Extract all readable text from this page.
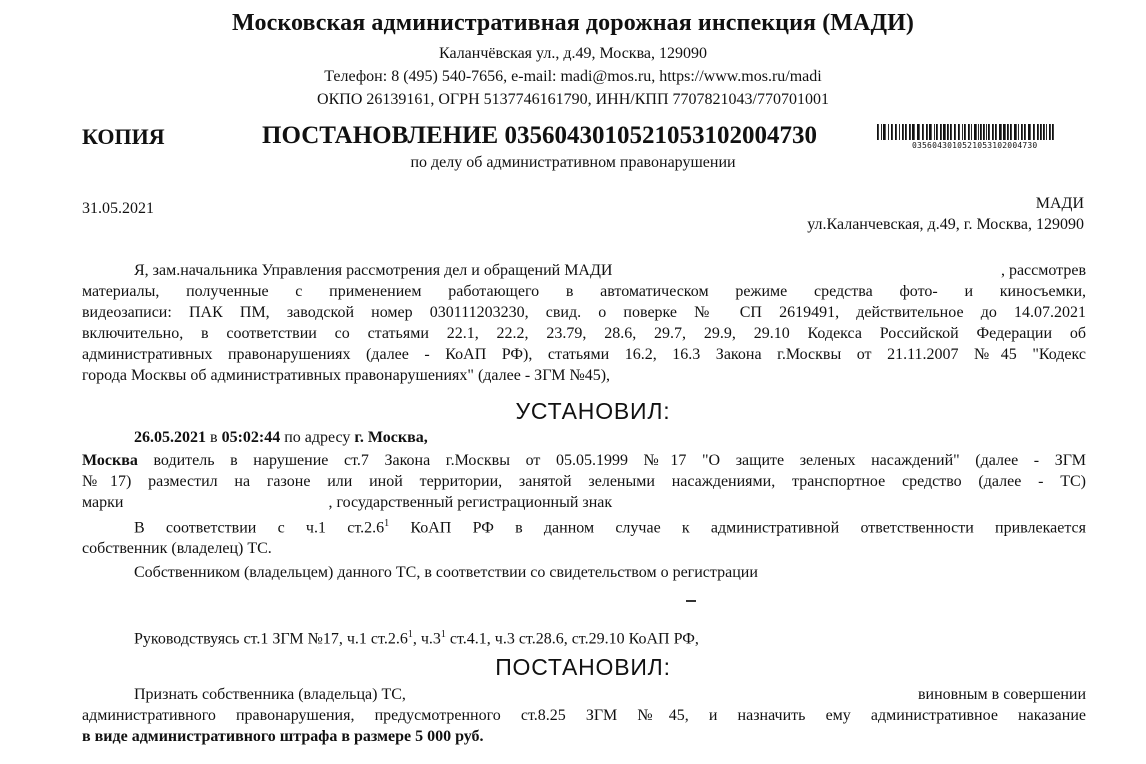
Московская административная дорожная инспекция (МАДИ)
Каланчёвская ул., д.49, Москва, 129090
Телефон: 8 (495) 540-7656, e-mail: madi@mos.ru, https://www.mos.ru/madi
ОКПО 26139161, ОГРН 5137746161790, ИНН/КПП 7707821043/770701001
КОПИЯ	ПОСТАНОВЛЕНИЕ 0356043010521053102004730	0356043010521053102004730
по делу об административном правонарушении
31.05.2021	МАДИ
ул.Каланчевская, д.49, г. Москва, 129090
Я, зам.начальника Управления рассмотрения дел и обращений МАДИ	, рассмотрев
материалы, полученные с применением работающего в автоматическом режиме средства фото- и киносъемки,
видеозаписи: ПАК ПМ, заводской номер 030111203230, свид. о поверке № СП 2619491, действительное до 14.07.2021
включительно, в соответствии со статьями 22.1, 22.2, 23.79, 28.6, 29.7, 29.9, 29.10 Кодекса Российской Федерации об
административных правонарушениях (далее - КоАП РФ), статьями 16.2, 16.3 Закона г.Москвы от 21.11.2007 №45 "Кодекс
города Москвы об административных правонарушениях" (далее - ЗГМ №45),
УСТАНОВИЛ:
26.05.2021 в 05:02:44 по адресу г. Москва,
Москва водитель в нарушение ст.7 Закона г.Москвы от 05.05.1999 №17 "О защите зеленых насаждений" (далее - ЗГМ
№17) разместил на газоне или иной территории, занятой зелеными насаждениями, транспортное средство (далее - ТС)
марки	, государственный регистрационный знак
В соответствии с ч.1 ст.2.6$^1$ КоАП РФ в данном случае к административной ответственности привлекается
собственник (владелец) ТС.
Собственником (владельцем) данного ТС, в соответствии со свидетельством о регистрации
Руководствуясь ст.1 ЗГМ №17, ч.1 ст.2.6$^1$, $ч.3^1$ ст.4.1, ч.3 ст.28.6, ст.29.10 КоАП РФ,
ПОСТАНОВИЛ:
Признать собственника (владельца) ТС,	виновным в совершении
административного правонарушения, предусмотренного ст.8.25 ЗГМ №45, и назначить ему административное наказание
в виде административного штрафа в размере 5 000 руб.
